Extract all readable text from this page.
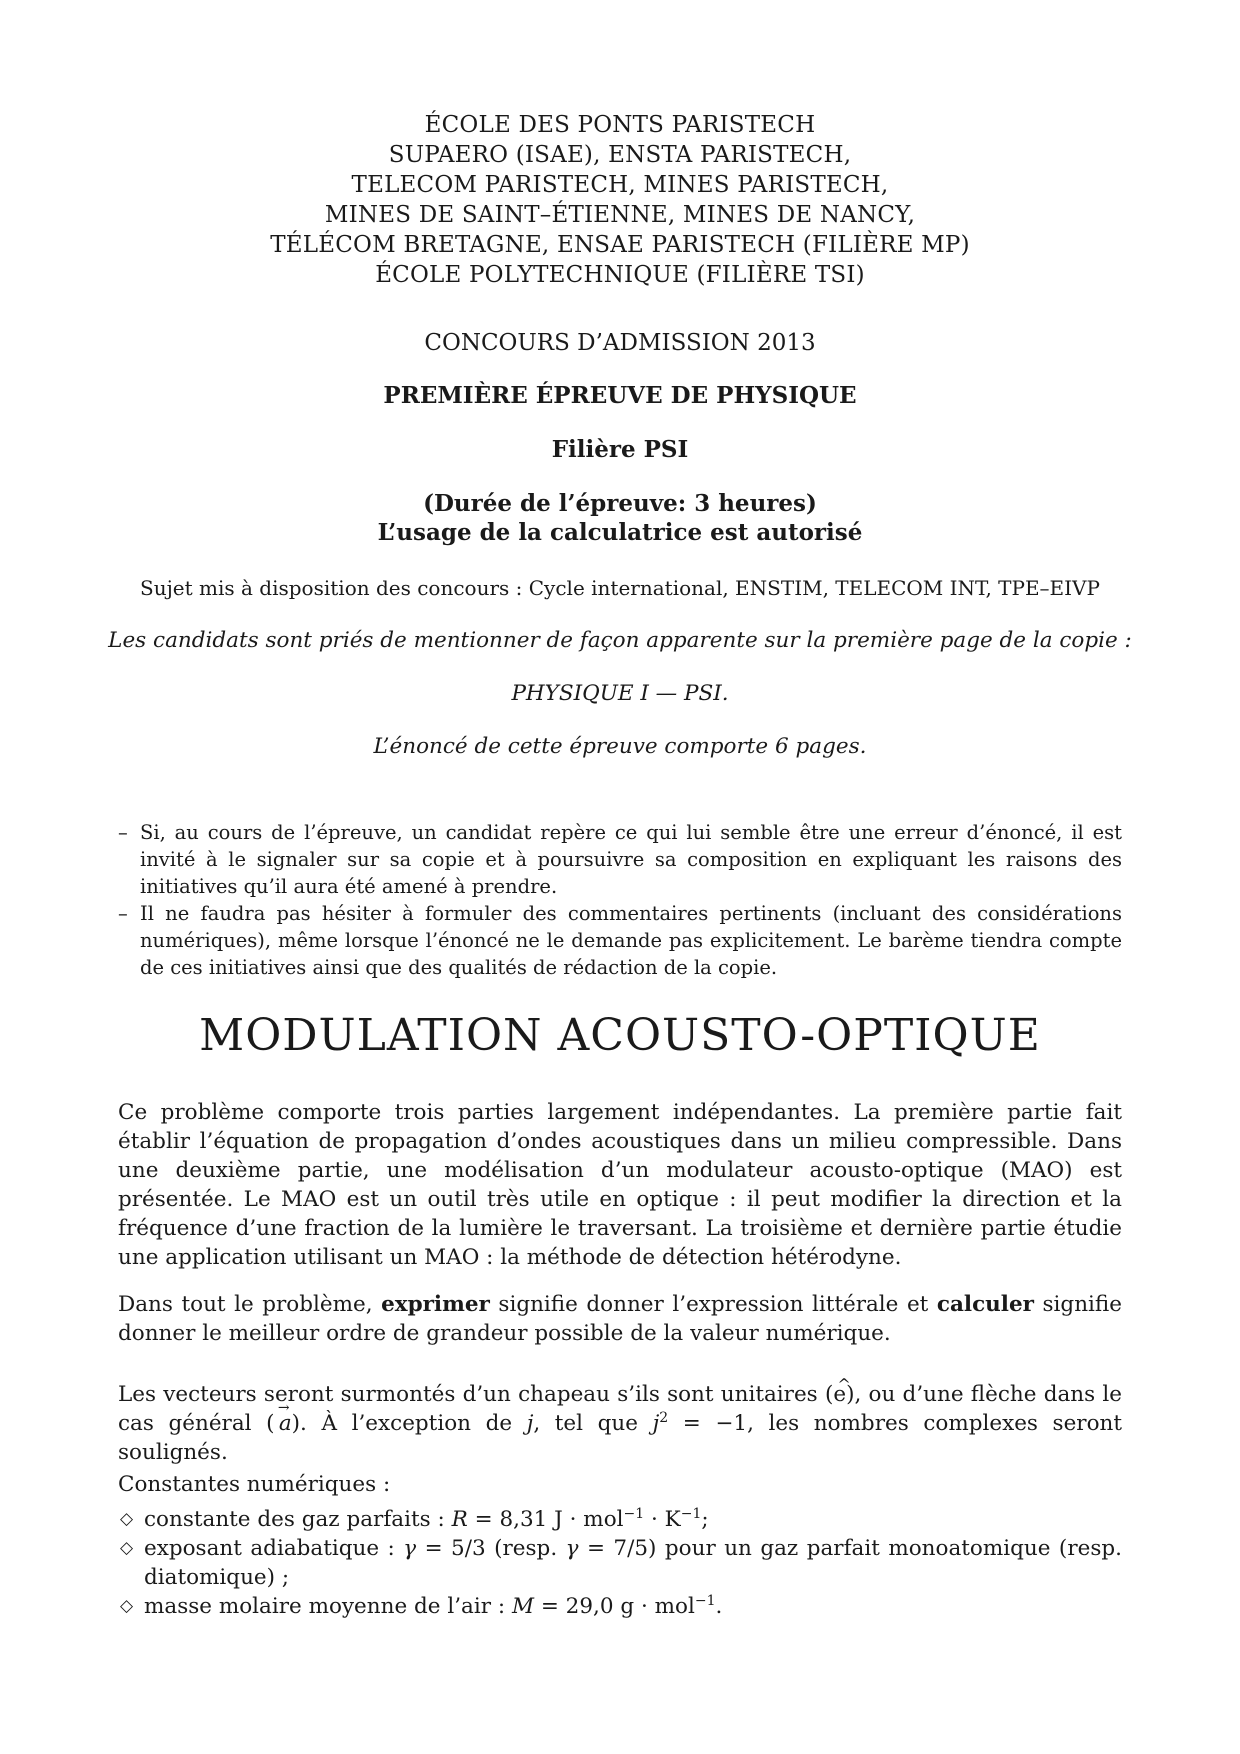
ÉCOLE DES PONTS PARISTECH
SUPAERO (ISAE), ENSTA PARISTECH,
TELECOM PARISTECH, MINES PARISTECH,
MINES DE SAINT–ÉTIENNE, MINES DE NANCY,
TÉLÉCOM BRETAGNE, ENSAE PARISTECH (FILIÈRE MP)
ÉCOLE POLYTECHNIQUE (FILIÈRE TSI)
CONCOURS D’ADMISSION 2013
PREMIÈRE ÉPREUVE DE PHYSIQUE
Filière PSI
(Durée de l’épreuve: 3 heures)
L’usage de la calculatrice est autorisé
Sujet mis à disposition des concours : Cycle international, ENSTIM, TELECOM INT, TPE–EIVP
Les candidats sont priés de mentionner de façon apparente sur la première page de la copie :
PHYSIQUE I — PSI.
L’énoncé de cette épreuve comporte 6 pages.
– Si, au cours de l’épreuve, un candidat repère ce qui lui semble être une erreur d’énoncé, il est invité à le signaler sur sa copie et à poursuivre sa composition en expliquant les raisons des initiatives qu’il aura été amené à prendre.
– Il ne faudra pas hésiter à formuler des commentaires pertinents (incluant des considérations numériques), même lorsque l’énoncé ne le demande pas explicitement. Le barème tiendra compte de ces initiatives ainsi que des qualités de rédaction de la copie.
MODULATION ACOUSTO-OPTIQUE
Ce problème comporte trois parties largement indépendantes. La première partie fait établir l’équation de propagation d’ondes acoustiques dans un milieu compressible. Dans une deuxième partie, une modélisation d’un modulateur acousto-optique (MAO) est présentée. Le MAO est un outil très utile en optique : il peut modifier la direction et la fréquence d’une fraction de la lumière le traversant. La troisième et dernière partie étudie une application utilisant un MAO : la méthode de détection hétérodyne.
Dans tout le problème, exprimer signifie donner l’expression littérale et calculer signifie donner le meilleur ordre de grandeur possible de la valeur numérique.
Les vecteurs seront surmontés d’un chapeau s’ils sont unitaires (^ e), ou d’une flèche dans le cas général ( → a). À l’exception de j, tel que $j^2 = -1$, les nombres complexes seront soulignés.
Constantes numériques :
◇ constante des gaz parfaits : R = 8,31 $J \cdot mol^{-1} \cdot K^{-1}$;
◇ exposant adiabatique : γ = 5/3 (resp. γ = 7/5) pour un gaz parfait monoatomique (resp. diatomique) ;
◇ masse molaire moyenne de l’air : M = 29,0 g · mol$^{-1}$.
